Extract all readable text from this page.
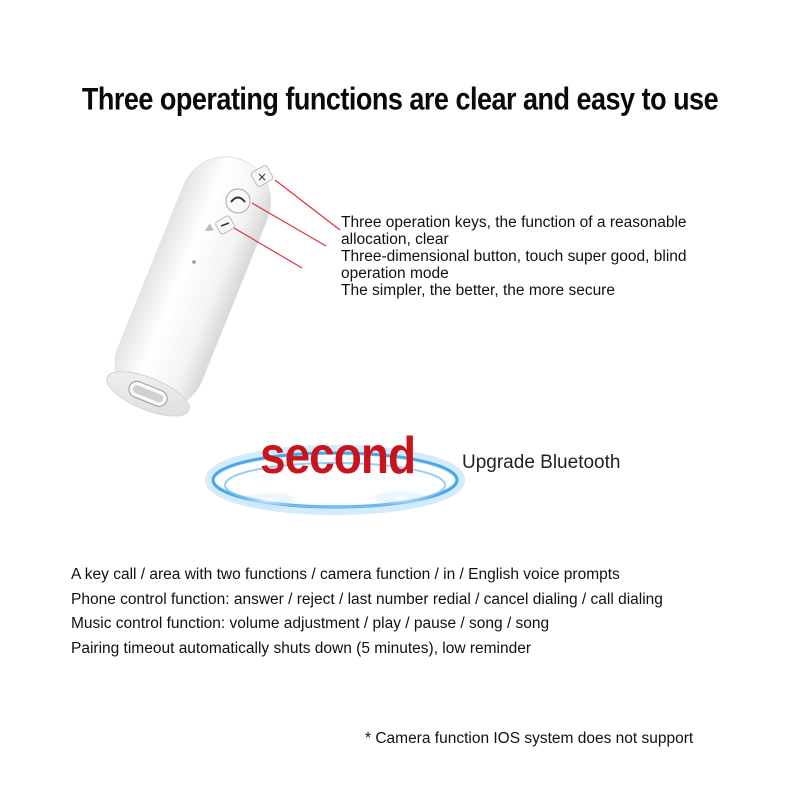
Three operating functions are clear and easy to use
×
Three operation keys, the function of a reasonable
allocation, clear
Three-dimensional button, touch super good, blind
operation mode
The simpler, the better, the more secure
second Upgrade Bluetooth
A key call / area with two functions / camera function / in / English voice prompts
Phone control function: answer / reject / last number redial / cancel dialing / call dialing
Music control function: volume adjustment / play / pause / song / song
Pairing timeout automatically shuts down (5 minutes), low reminder
* Camera function IOS system does not support
